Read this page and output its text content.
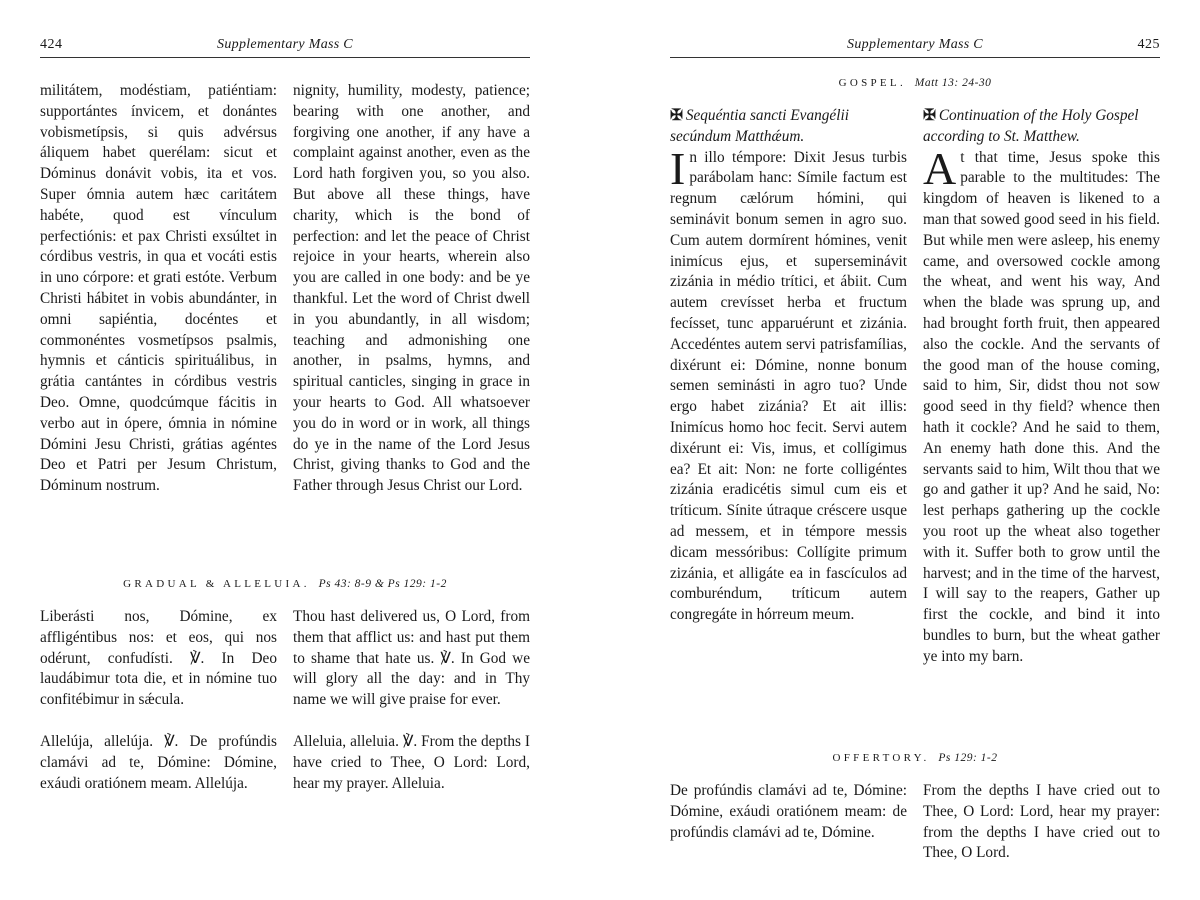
424	Supplementary Mass C

militátem, modéstiam, patiéntiam: supportántes ínvicem, et donántes vobismetípsis, si quis advérsus áliquem habet querélam: sicut et Dóminus donávit vobis, ita et vos. Super ómnia autem hæc caritátem habéte, quod est vínculum perfectiónis: et pax Christi exsúltet in córdibus vestris, in qua et vocáti estis in uno córpore: et grati estóte. Verbum Christi hábitet in vobis abundánter, in omni sapiéntia, docéntes et commonéntes vosmetípsos psalmis, hymnis et cánticis spirituálibus, in grátia cantántes in córdibus vestris Deo. Omne, quodcúmque fácitis in verbo aut in ópere, ómnia in nómine Dómini Jesu Christi, grátias agéntes Deo et Patri per Jesum Christum, Dóminum nostrum.

nignity, humility, modesty, patience; bearing with one another, and forgiving one another, if any have a complaint against another, even as the Lord hath forgiven you, so you also. But above all these things, have charity, which is the bond of perfection: and let the peace of Christ rejoice in your hearts, wherein also you are called in one body: and be ye thankful. Let the word of Christ dwell in you abundantly, in all wisdom; teaching and admonishing one another, in psalms, hymns, and spiritual canticles, singing in grace in your hearts to God. All whatsoever you do in word or in work, all things do ye in the name of the Lord Jesus Christ, giving thanks to God and the Father through Jesus Christ our Lord.

GRADUAL & ALLELUIA. Ps 43: 8-9 & Ps 129: 1-2

Liberásti nos, Dómine, ex affligéntibus nos: et eos, qui nos odérunt, confudísti. ℣. In Deo laudábimur tota die, et in nómine tuo confitébimur in sǽcula.

Thou hast delivered us, O Lord, from them that afflict us: and hast put them to shame that hate us. ℣. In God we will glory all the day: and in Thy name we will give praise for ever.

Allelúja, allelúja. ℣. De profúndis clamávi ad te, Dómine: Dómine, exáudi oratiónem meam. Allelúja.

Alleluia, alleluia. ℣. From the depths I have cried to Thee, O Lord: Lord, hear my prayer. Alleluia.

Supplementary Mass C	425
GOSPEL. Matt 13: 24-30
✠ Sequéntia sancti Evangélii secúndum Matthǽum.

In illo témpore: Dixit Jesus turbis parábolam hanc: Símile factum est regnum cælórum hómini, qui seminávit bonum semen in agro suo. Cum autem dormírent hómines, venit inimícus ejus, et superseminávit zizánia in médio trítici, et ábiit. Cum autem crevísset herba et fructum fecísset, tunc apparuérunt et zizánia. Accedéntes autem servi patrisfamílias, dixérunt ei: Dómine, nonne bonum semen seminásti in agro tuo? Unde ergo habet zizánia? Et ait illis: Inimícus homo hoc fecit. Servi autem dixérunt ei: Vis, imus, et collígimus ea? Et ait: Non: ne forte colligéntes zizánia eradicétis simul cum eis et tríticum. Sínite útraque créscere usque ad messem, et in témpore messis dicam messóribus: Collígite primum zizánia, et alligáte ea in fascículos ad comburéndum, tríticum autem congregáte in hórreum meum.

✠ Continuation of the Holy Gospel according to St. Matthew.

At that time, Jesus spoke this parable to the multitudes: The kingdom of heaven is likened to a man that sowed good seed in his field. But while men were asleep, his enemy came, and oversowed cockle among the wheat, and went his way, And when the blade was sprung up, and had brought forth fruit, then appeared also the cockle. And the servants of the good man of the house coming, said to him, Sir, didst thou not sow good seed in thy field? whence then hath it cockle? And he said to them, An enemy hath done this. And the servants said to him, Wilt thou that we go and gather it up? And he said, No: lest perhaps gathering up the cockle you root up the wheat also together with it. Suffer both to grow until the harvest; and in the time of the harvest, I will say to the reapers, Gather up first the cockle, and bind it into bundles to burn, but the wheat gather ye into my barn.

OFFERTORY. Ps 129: 1-2

De profúndis clamávi ad te, Dómine: Dómine, exáudi oratiónem meam: de profúndis clamávi ad te, Dómine.

From the depths I have cried out to Thee, O Lord: Lord, hear my prayer: from the depths I have cried out to Thee, O Lord.
